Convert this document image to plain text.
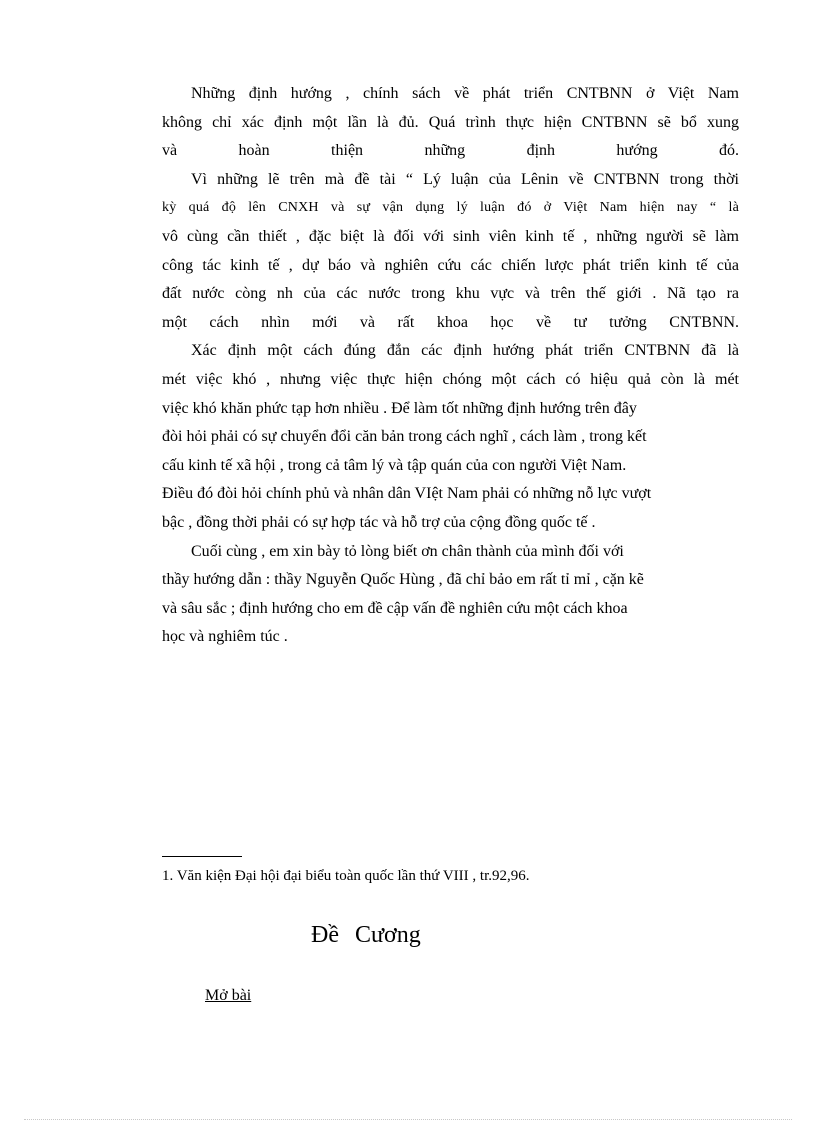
Những định hướng , chính sách về phát triển CNTBNN ở Việt Nam
không chỉ xác định một lần là đủ. Quá trình thực hiện CNTBNN sẽ bổ xung
và hoàn thiện những định hướng đó.
Vì những lẽ trên mà đề tài “ Lý luận của Lênin về CNTBNN trong thời
kỳ quá độ lên CNXH và sự vận dụng lý luận đó ở Việt Nam hiện nay “ là
vô cùng cần thiết , đặc biệt là đối với sinh viên kinh tế , những người sẽ làm
công tác kinh tế , dự báo và nghiên cứu các chiến lược phát triển kinh tế của
đất nước còng nh của các nước trong khu vực và trên thế giới . Nã tạo ra
một cách nhìn mới và rất khoa học về tư tưởng CNTBNN.
Xác định một cách đúng đắn các định hướng phát triển CNTBNN đã là
mét việc khó , nhưng việc thực hiện chóng một cách có hiệu quả còn là mét
việc khó khăn phức tạp hơn nhiều . Để làm tốt những định hướng trên đây
đòi hỏi phải có sự chuyển đổi căn bản trong cách nghĩ , cách làm , trong kết
cấu kinh tế xã hội , trong cả tâm lý và tập quán của con người Việt Nam.
Điều đó đòi hỏi chính phủ và nhân dân VIệt Nam phải có những nỗ lực vượt
bậc , đồng thời phải có sự hợp tác và hỗ trợ của cộng đồng quốc tế .
Cuối cùng , em xin bày tỏ lòng biết ơn chân thành của mình đối với
thầy hướng dẫn : thầy Nguyễn Quốc Hùng , đã chỉ bảo em rất tỉ mỉ , cặn kẽ
và sâu sắc ; định hướng cho em đề cập vấn đề nghiên cứu một cách khoa
học và nghiêm túc .
1. Văn kiện Đại hội đại biểu toàn quốc lần thứ VIII , tr.92,96.
Đề Cương
Mở bài
